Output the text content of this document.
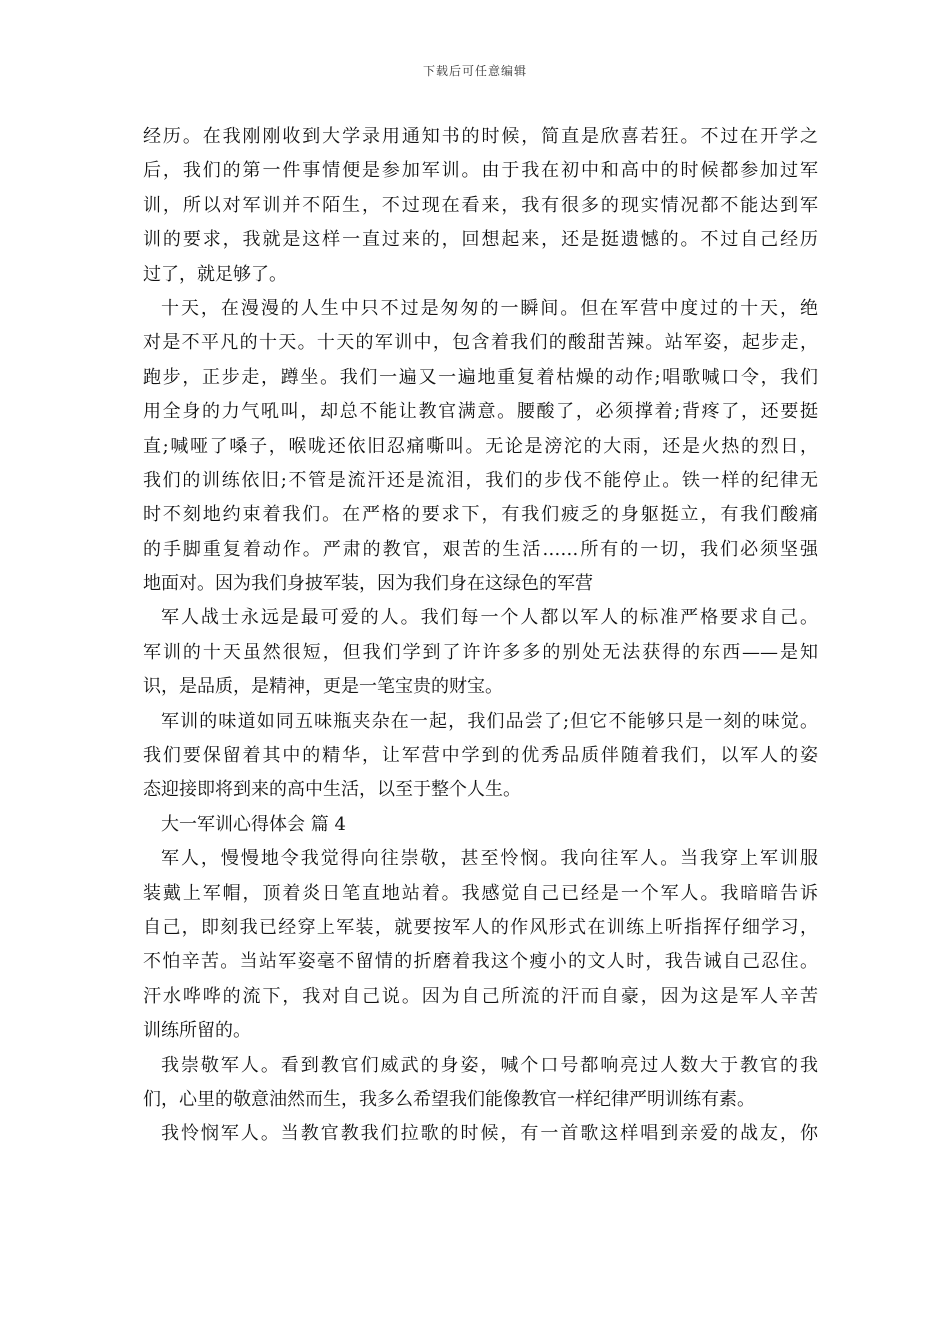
下载后可任意编辑
经历。在我刚刚收到大学录用通知书的时候，简直是欣喜若狂。不过在开学之
后，我们的第一件事情便是参加军训。由于我在初中和高中的时候都参加过军
训，所以对军训并不陌生，不过现在看来，我有很多的现实情况都不能达到军
训的要求，我就是这样一直过来的，回想起来，还是挺遗憾的。不过自己经历
过了，就足够了。
十天，在漫漫的人生中只不过是匆匆的一瞬间。但在军营中度过的十天，绝
对是不平凡的十天。十天的军训中，包含着我们的酸甜苦辣。站军姿，起步走，
跑步，正步走，蹲坐。我们一遍又一遍地重复着枯燥的动作;唱歌喊口令，我们
用全身的力气吼叫，却总不能让教官满意。腰酸了，必须撑着;背疼了，还要挺
直;喊哑了嗓子，喉咙还依旧忍痛嘶叫。无论是滂沱的大雨，还是火热的烈日，
我们的训练依旧;不管是流汗还是流泪，我们的步伐不能停止。铁一样的纪律无
时不刻地约束着我们。在严格的要求下，有我们疲乏的身躯挺立，有我们酸痛
的手脚重复着动作。严肃的教官，艰苦的生活……所有的一切，我们必须坚强
地面对。因为我们身披军装，因为我们身在这绿色的军营
军人战士永远是最可爱的人。我们每一个人都以军人的标准严格要求自己。
军训的十天虽然很短，但我们学到了许许多多的别处无法获得的东西——是知
识，是品质，是精神，更是一笔宝贵的财宝。
军训的味道如同五味瓶夹杂在一起，我们品尝了;但它不能够只是一刻的味觉。
我们要保留着其中的精华，让军营中学到的优秀品质伴随着我们，以军人的姿
态迎接即将到来的高中生活，以至于整个人生。
大一军训心得体会 篇 4
军人，慢慢地令我觉得向往崇敬，甚至怜悯。我向往军人。当我穿上军训服
装戴上军帽，顶着炎日笔直地站着。我感觉自己已经是一个军人。我暗暗告诉
自己，即刻我已经穿上军装，就要按军人的作风形式在训练上听指挥仔细学习，
不怕辛苦。当站军姿毫不留情的折磨着我这个瘦小的文人时，我告诫自己忍住。
汗水哗哗的流下，我对自己说。因为自己所流的汗而自豪，因为这是军人辛苦
训练所留的。
我崇敬军人。看到教官们威武的身姿，喊个口号都响亮过人数大于教官的我
们，心里的敬意油然而生，我多么希望我们能像教官一样纪律严明训练有素。
我怜悯军人。当教官教我们拉歌的时候，有一首歌这样唱到亲爱的战友，你
